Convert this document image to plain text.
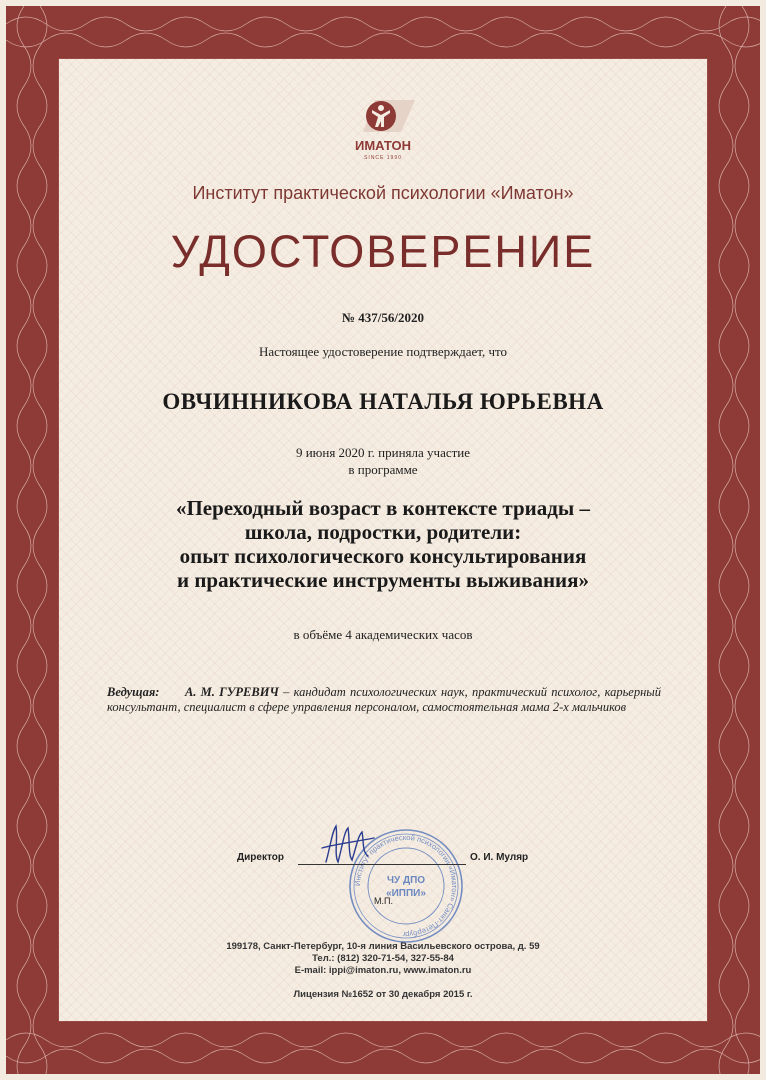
ИМАТОН
SINCE 1990
Институт практической психологии «Иматон»
УДОСТОВЕРЕНИЕ
№ 437/56/2020
Настоящее удостоверение подтверждает, что
ОВЧИННИКОВА НАТАЛЬЯ ЮРЬЕВНА
9 июня 2020 г. приняла участие
в программе
«Переходный возраст в контексте триады –
школа, подростки, родители:
опыт психологического консультирования
и практические инструменты выживания»
в объёме 4 академических часов
Ведущая: А. М. ГУРЕВИЧ – кандидат психологических наук, практический психолог, карьерный консультант, специалист в сфере управления персоналом, самостоятельная мама 2-х мальчиков
Институт практической психологии «Иматон» Санкт-Петербург
ЧУ ДПО
«ИППИ»
Директор	О. И. Муляр
М.П.
199178, Санкт-Петербург, 10-я линия Васильевского острова, д. 59
Тел.: (812) 320-71-54, 327-55-84
E-mail: ippi@imaton.ru, www.imaton.ru
Лицензия №1652 от 30 декабря 2015 г.
